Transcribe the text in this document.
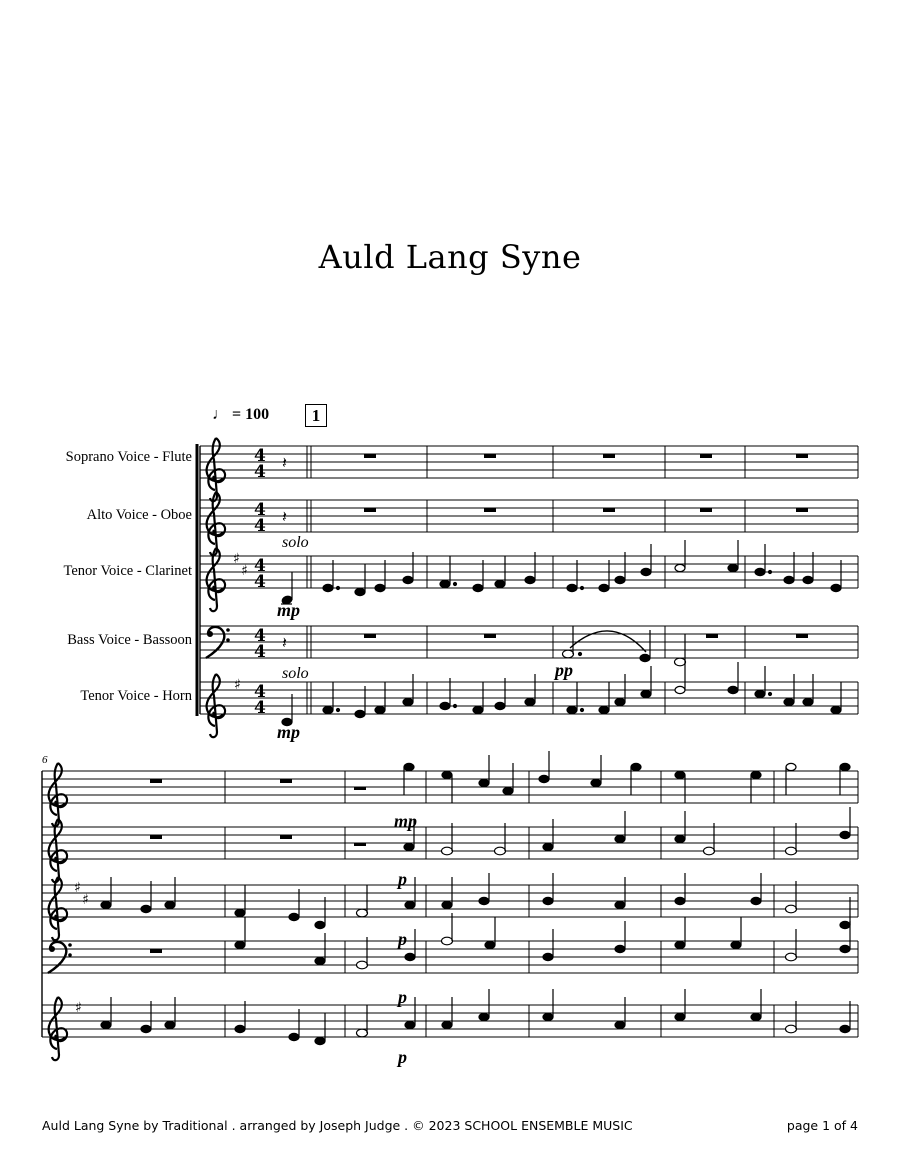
Auld Lang Syne
♩ = 100	1
Soprano Voice - Flute
Alto Voice - Oboe
Tenor Voice - Clarinet
Bass Voice - Bassoon
Tenor Voice - Horn
solo
solo
6
♯
♯
♯
4
4
4
4
4
4
4
4
4
4
𝄽
𝄽
𝄽
mp
pp
mp
♯
♯
♯
mp
p
p
p
p
Auld Lang Syne by Traditional . arranged by Joseph Judge . © 2023 SCHOOL ENSEMBLE MUSIC	page 1 of 4
